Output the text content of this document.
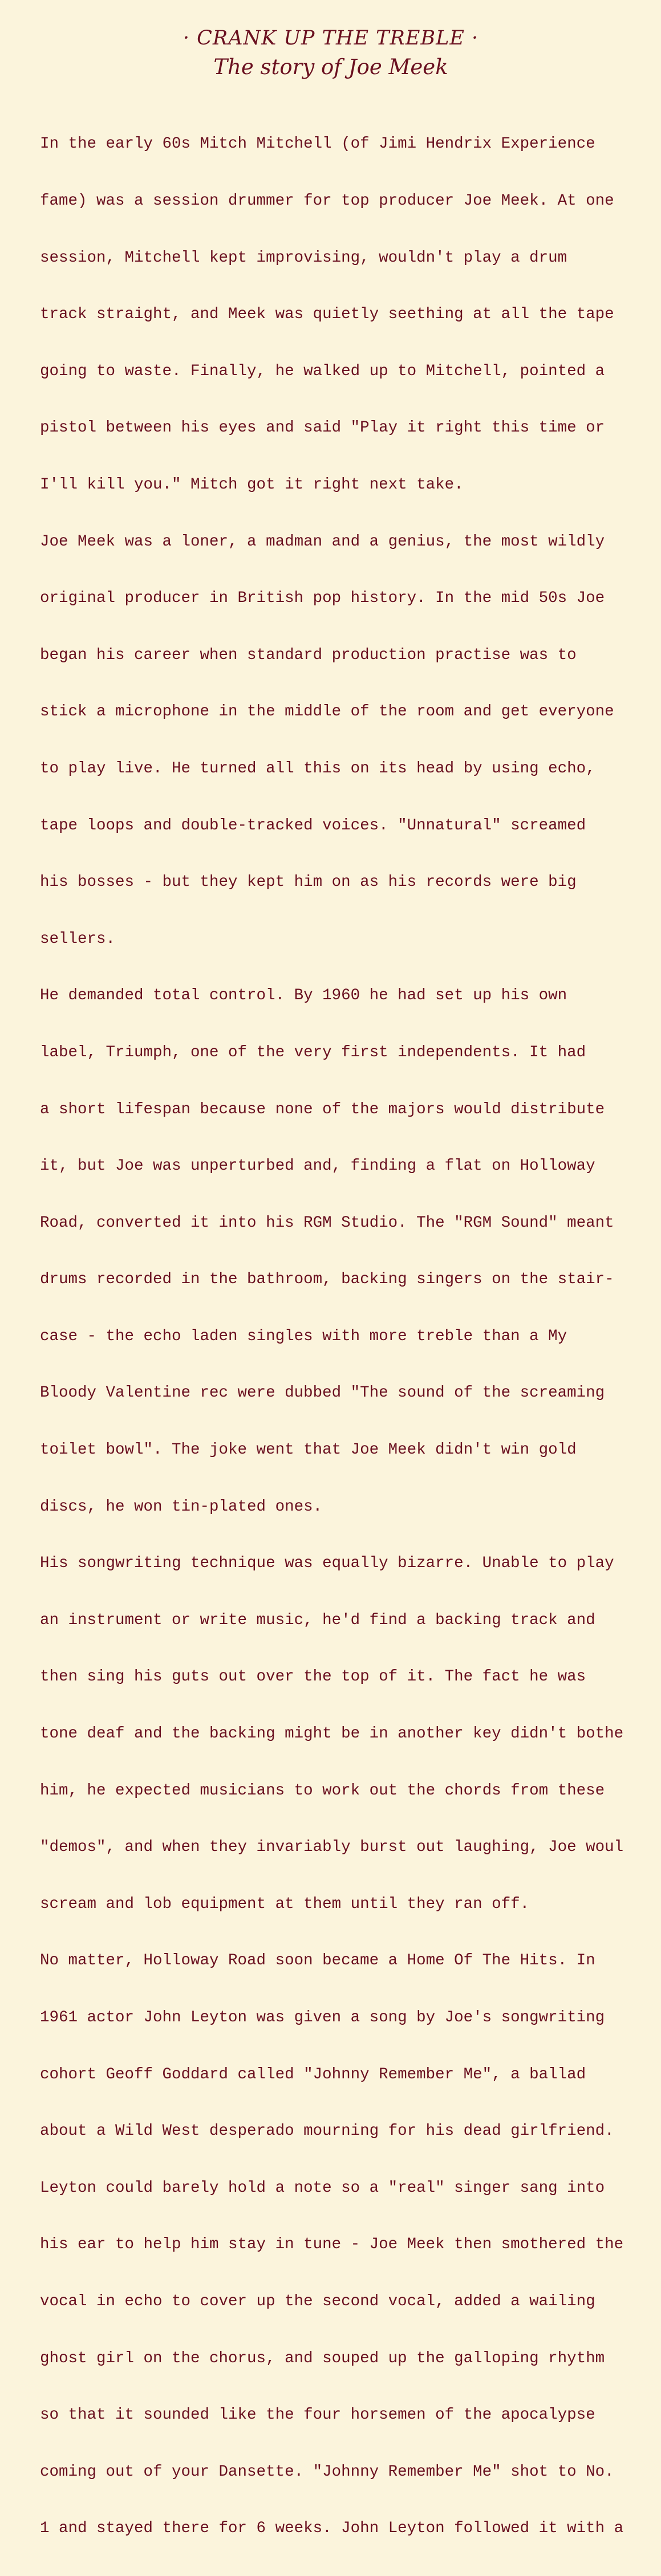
· CRANK UP THE TREBLE ·
The story of Joe Meek

In the early 60s Mitch Mitchell (of Jimi Hendrix Experience

fame) was a session drummer for top producer Joe Meek. At one

session, Mitchell kept improvising, wouldn't play a drum

track straight, and Meek was quietly seething at all the tape

going to waste. Finally, he walked up to Mitchell, pointed a

pistol between his eyes and said "Play it right this time or

I'll kill you." Mitch got it right next take.

Joe Meek was a loner, a madman and a genius, the most wildly

original producer in British pop history. In the mid 50s Joe

began his career when standard production practise was to

stick a microphone in the middle of the room and get everyone

to play live. He turned all this on its head by using echo,

tape loops and double-tracked voices. "Unnatural" screamed

his bosses - but they kept him on as his records were big

sellers.

He demanded total control. By 1960 he had set up his own

label, Triumph, one of the very first independents. It had

a short lifespan because none of the majors would distribute

it, but Joe was unperturbed and, finding a flat on Holloway

Road, converted it into his RGM Studio. The "RGM Sound" meant

drums recorded in the bathroom, backing singers on the stair-

case - the echo laden singles with more treble than a My

Bloody Valentine rec were dubbed "The sound of the screaming

toilet bowl". The joke went that Joe Meek didn't win gold

discs, he won tin-plated ones.

His songwriting technique was equally bizarre. Unable to play

an instrument or write music, he'd find a backing track and

then sing his guts out over the top of it. The fact he was

tone deaf and the backing might be in another key didn't bothe

him, he expected musicians to work out the chords from these

"demos", and when they invariably burst out laughing, Joe woul

scream and lob equipment at them until they ran off.

No matter, Holloway Road soon became a Home Of The Hits. In

1961 actor John Leyton was given a song by Joe's songwriting

cohort Geoff Goddard called "Johnny Remember Me", a ballad

about a Wild West desperado mourning for his dead girlfriend.

Leyton could barely hold a note so a "real" singer sang into

his ear to help him stay in tune - Joe Meek then smothered the

vocal in echo to cover up the second vocal, added a wailing

ghost girl on the chorus, and souped up the galloping rhythm

so that it sounded like the four horsemen of the apocalypse

coming out of your Dansette. "Johnny Remember Me" shot to No.

1 and stayed there for 6 weeks. John Leyton followed it with a
